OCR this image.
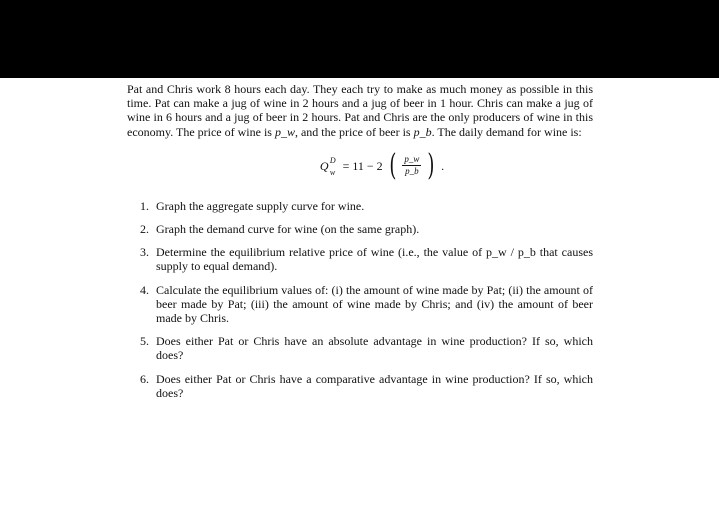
Pat and Chris work 8 hours each day. They each try to make as much money as possible in this time. Pat can make a jug of wine in 2 hours and a jug of beer in 1 hour. Chris can make a jug of wine in 6 hours and a jug of beer in 2 hours. Pat and Chris are the only producers of wine in this economy. The price of wine is p_w, and the price of beer is p_b. The daily demand for wine is:

Q D
w = 11 − 2 ( $\frac{p\_w}{p\_b}$ ) .
1. Graph the aggregate supply curve for wine.
2. Graph the demand curve for wine (on the same graph).
3. Determine the equilibrium relative price of wine (i.e., the value of p_w / p_b that causes supply to equal demand).
4. Calculate the equilibrium values of: (i) the amount of wine made by Pat; (ii) the amount of beer made by Pat; (iii) the amount of wine made by Chris; and (iv) the amount of beer made by Chris.
5. Does either Pat or Chris have an absolute advantage in wine production? If so, which does?
6. Does either Pat or Chris have a comparative advantage in wine production? If so, which does?
